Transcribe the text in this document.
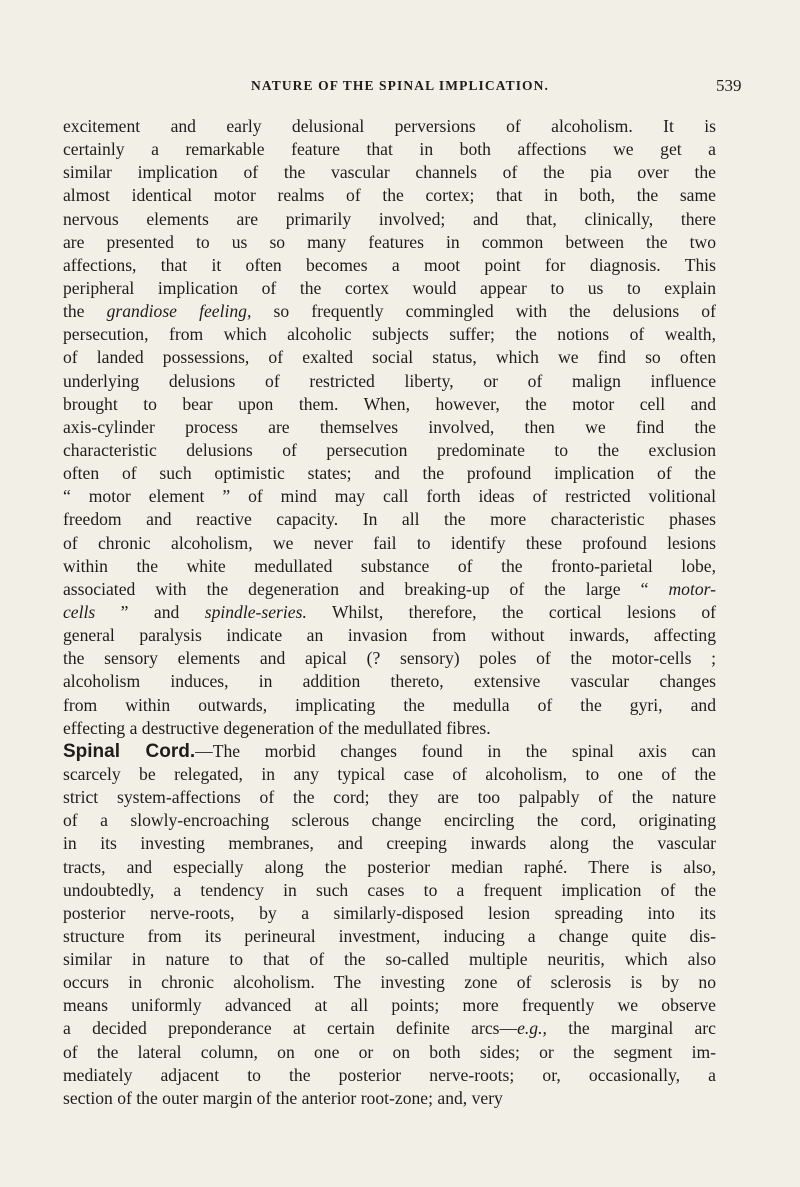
NATURE OF THE SPINAL IMPLICATION.	539
excitement and early delusional perversions of alcoholism. It is
certainly a remarkable feature that in both affections we get a
similar implication of the vascular channels of the pia over the
almost identical motor realms of the cortex; that in both, the same
nervous elements are primarily involved; and that, clinically, there
are presented to us so many features in common between the two
affections, that it often becomes a moot point for diagnosis. This
peripheral implication of the cortex would appear to us to explain
the grandiose feeling, so frequently commingled with the delusions of
persecution, from which alcoholic subjects suffer; the notions of wealth,
of landed possessions, of exalted social status, which we find so often
underlying delusions of restricted liberty, or of malign influence
brought to bear upon them. When, however, the motor cell and
axis-cylinder process are themselves involved, then we find the
characteristic delusions of persecution predominate to the exclusion
often of such optimistic states; and the profound implication of the
“ motor element ” of mind may call forth ideas of restricted volitional
freedom and reactive capacity. In all the more characteristic phases
of chronic alcoholism, we never fail to identify these profound lesions
within the white medullated substance of the fronto-parietal lobe,
associated with the degeneration and breaking-up of the large “ motor-
cells ” and spindle-series. Whilst, therefore, the cortical lesions of
general paralysis indicate an invasion from without inwards, affecting
the sensory elements and apical (? sensory) poles of the motor-cells ;
alcoholism induces, in addition thereto, extensive vascular changes
from within outwards, implicating the medulla of the gyri, and
effecting a destructive degeneration of the medullated fibres.
Spinal Cord.—The morbid changes found in the spinal axis can
scarcely be relegated, in any typical case of alcoholism, to one of the
strict system-affections of the cord; they are too palpably of the nature
of a slowly-encroaching sclerous change encircling the cord, originating
in its investing membranes, and creeping inwards along the vascular
tracts, and especially along the posterior median raphé. There is also,
undoubtedly, a tendency in such cases to a frequent implication of the
posterior nerve-roots, by a similarly-disposed lesion spreading into its
structure from its perineural investment, inducing a change quite dis-
similar in nature to that of the so-called multiple neuritis, which also
occurs in chronic alcoholism. The investing zone of sclerosis is by no
means uniformly advanced at all points; more frequently we observe
a decided preponderance at certain definite arcs—e.g., the marginal arc
of the lateral column, on one or on both sides; or the segment im-
mediately adjacent to the posterior nerve-roots; or, occasionally, a
section of the outer margin of the anterior root-zone; and, very
